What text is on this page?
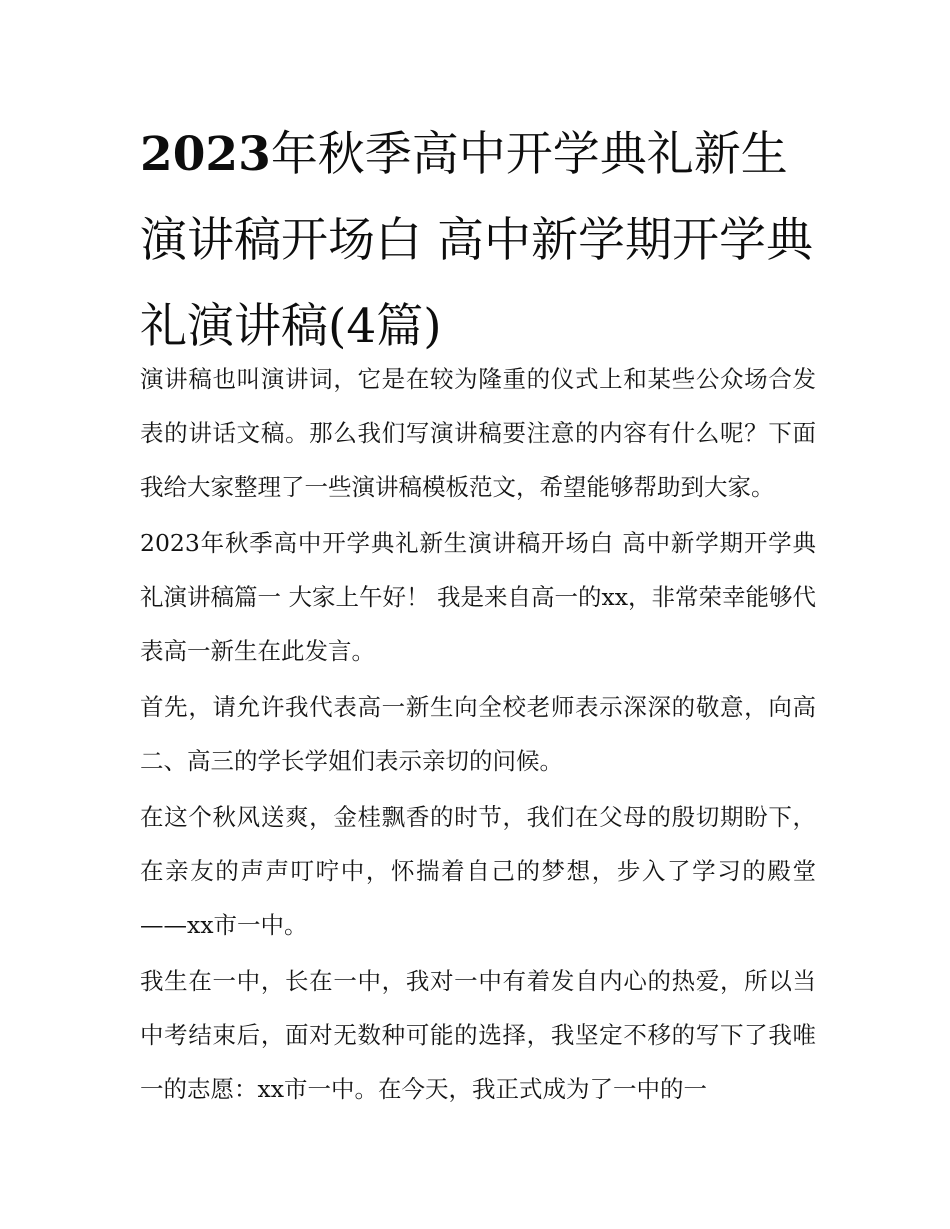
2023年秋季高中开学典礼新生演讲稿开场白 高中新学期开学典礼演讲稿(4篇)

演讲稿也叫演讲词，它是在较为隆重的仪式上和某些公众场合发表的讲话文稿。那么我们写演讲稿要注意的内容有什么呢？下面我给大家整理了一些演讲稿模板范文，希望能够帮助到大家。

2023年秋季高中开学典礼新生演讲稿开场白 高中新学期开学典礼演讲稿篇一 大家上午好！ 我是来自高一的xx，非常荣幸能够代表高一新生在此发言。

首先，请允许我代表高一新生向全校老师表示深深的敬意，向高二、高三的学长学姐们表示亲切的问候。

在这个秋风送爽，金桂飘香的时节，我们在父母的殷切期盼下，在亲友的声声叮咛中，怀揣着自己的梦想，步入了学习的殿堂——xx市一中。

我生在一中，长在一中，我对一中有着发自内心的热爱，所以当中考结束后，面对无数种可能的选择，我坚定不移的写下了我唯一的志愿：xx市一中。在今天，我正式成为了一中的一
